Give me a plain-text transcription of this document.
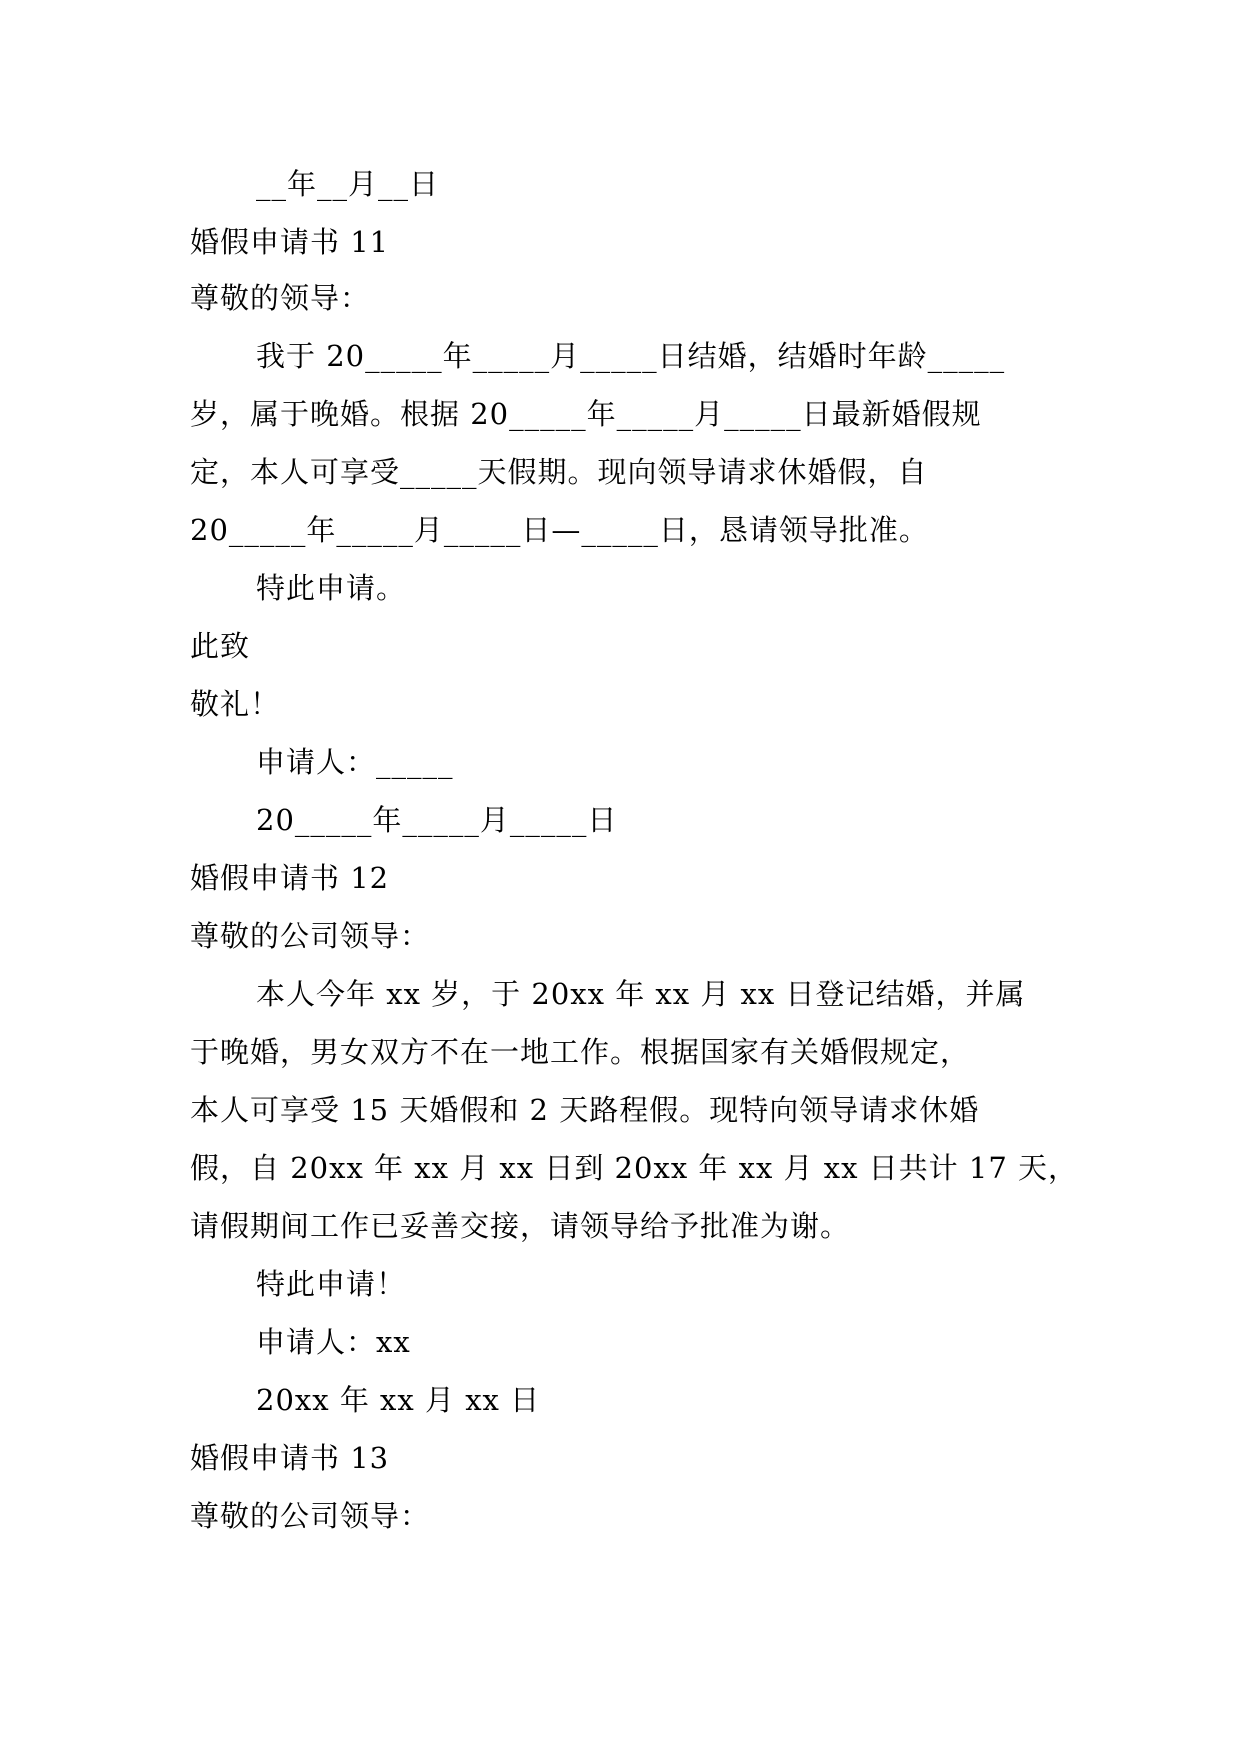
__年__月__日
婚假申请书 11
尊敬的领导：
我于 20_____年_____月_____日结婚，结婚时年龄_____
岁，属于晚婚。根据 20_____年_____月_____日最新婚假规
定，本人可享受_____天假期。现向领导请求休婚假，自
20_____年_____月_____日—_____日，恳请领导批准。
特此申请。
此致
敬礼！
申请人：_____
20_____年_____月_____日
婚假申请书 12
尊敬的公司领导：
本人今年 xx 岁，于 20xx 年 xx 月 xx 日登记结婚，并属
于晚婚，男女双方不在一地工作。根据国家有关婚假规定，
本人可享受 15 天婚假和 2 天路程假。现特向领导请求休婚
假，自 20xx 年 xx 月 xx 日到 20xx 年 xx 月 xx 日共计 17 天，
请假期间工作已妥善交接，请领导给予批准为谢。
特此申请！
申请人：xx
20xx 年 xx 月 xx 日
婚假申请书 13
尊敬的公司领导：
